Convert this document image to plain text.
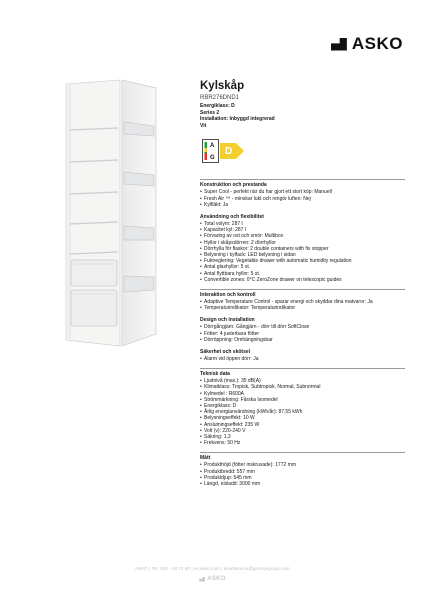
ASKO
Kylskåp
RBR276DND1
Energiklass: D
Series 2
Installation: Inbyggd integrerad
Vit
A
G
D
Konstruktion och prestanda
• Super Cool - perfekt när du har gjort ett stort köp: Manuell
• Fresh Air ™ - minskar lukt och rengör luften: Nej
• Kylfläkt: Ja
Användning och flexibilitet
• Total volym: 287 l
• Kapacitet kyl: 287 l
• Förvaring av ost och smör: Multibox
• Hyllor i skåpsdörren: 2 dörrhyllor
• Dörrhylla för flaskor: 2 double containers with fix stopper
• Belysning i kylfack: LED belysning i sidan
• Fuktreglering: Vegetable drawer with automatic humidity regulation
• Antal glashyllor: 5 st.
• Antal flyttbara hyllor: 5 st.
• Convertible zones: 0°C ZeroZone drawer on telescopic guides
Interaktion och kontroll
• Adaptive Temperature Control - sparar energi och skyddar dina matvaror: Ja
• Temperaturindikator: Temperaturindikator
Design och installation
• Dörrgångjärn: Gångjärn - dörr till dörr SoftClose
• Fötter: 4 justerbara fötter
• Dörröppning: Omhängningsbar
Säkerhet och skötsel
• Alarm vid öppen dörr: Ja
Teknisk data
• Ljudnivå (max.): 35 dB(A)
• Klimatklass: Tropisk, Subtropisk, Normal, Subnormal
• Kylmedel : R600A
• Strömmärkning: Fårska Isomedel
• Energiklass: D
• Årlig energianvändning (kWh/år): 87,55 kWh
• Belysningseffekt: 10 W
• Anslutningseffekt: 235 W
• Volt (v): 220-240 V
• Säkring: 1,3
• Frekvens: 50 Hz
Mått
• Produkthöjd (fötter inskruvade): 1772 mm
• Produktbredd: 557 mm
• Produktdjup: 545 mm
• Längd, elsladd: 3000 mm
ASKO | Tel: 040 - 10 72 60 | se.asko.com | kundservice@gorenjegroup.com
ASKO
